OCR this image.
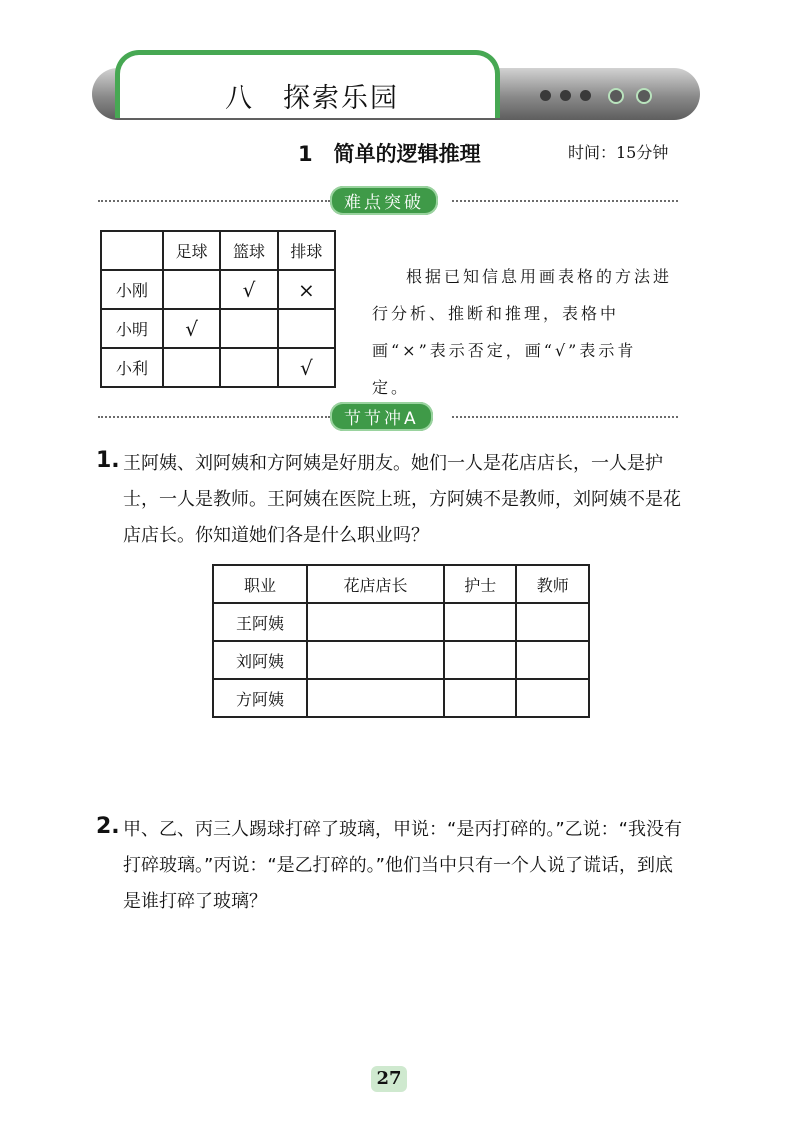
八　探索乐园
1　简单的逻辑推理	时间：15分钟
难点突破
	足球	篮球	排球
小刚		√	×
小明	√		
小利			√
根据已知信息用画表格的方法进行分析、推断和推理，表格中画“×”表示否定，画“√”表示肯定。
节节冲A
1. 王阿姨、刘阿姨和方阿姨是好朋友。她们一人是花店店长，一人是护士，一人是教师。王阿姨在医院上班，方阿姨不是教师，刘阿姨不是花店店长。你知道她们各是什么职业吗？
职业	花店店长	护士	教师
王阿姨			
刘阿姨			
方阿姨			
2. 甲、乙、丙三人踢球打碎了玻璃，甲说：“是丙打碎的。”乙说：“我没有打碎玻璃。”丙说：“是乙打碎的。”他们当中只有一个人说了谎话，到底是谁打碎了玻璃？
27
